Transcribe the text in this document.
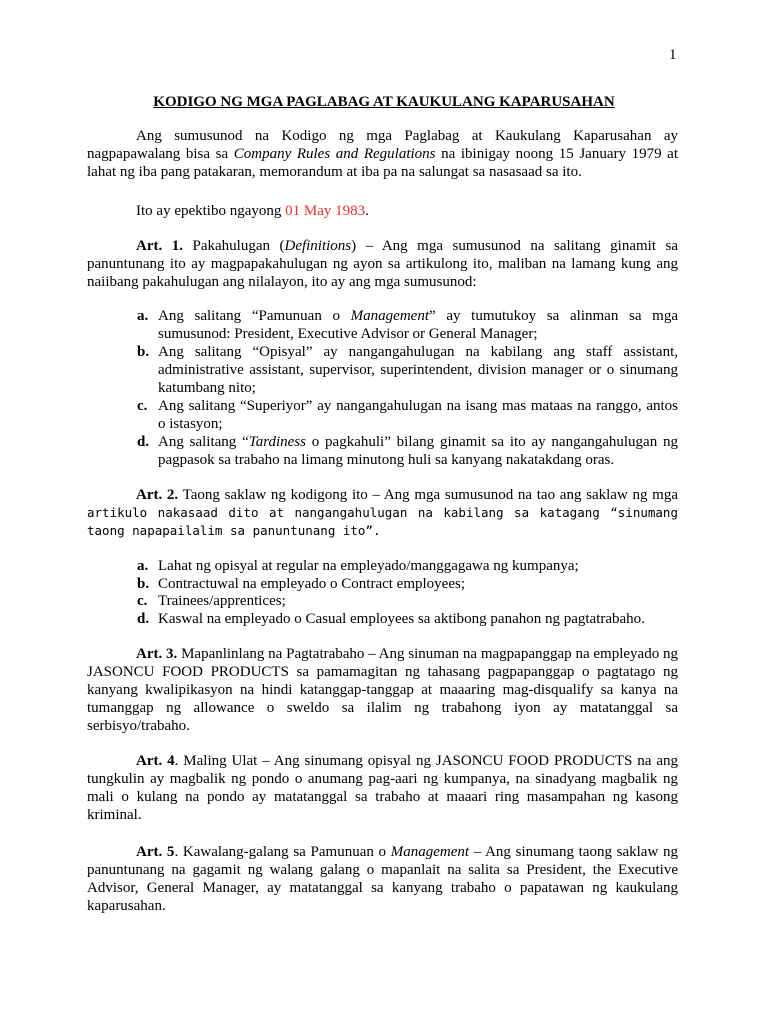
1
KODIGO NG MGA PAGLABAG AT KAUKULANG KAPARUSAHAN

Ang sumusunod na Kodigo ng mga Paglabag at Kaukulang Kaparusahan ay nagpapawalang bisa sa Company Rules and Regulations na ibinigay noong 15 January 1979 at lahat ng iba pang patakaran, memorandum at iba pa na salungat sa nasasaad sa ito.

Ito ay epektibo ngayong 01 May 1983.

Art. 1. Pakahulugan (Definitions) – Ang mga sumusunod na salitang ginamit sa panuntunang ito ay magpapakahulugan ng ayon sa artikulong ito, maliban na lamang kung ang naiibang pakahulugan ang nilalayon, ito ay ang mga sumusunod:

a. Ang salitang “Pamunuan o Management” ay tumutukoy sa alinman sa mga sumusunod: President, Executive Advisor or General Manager;
b. Ang salitang “Opisyal” ay nangangahulugan na kabilang ang staff assistant, administrative assistant, supervisor, superintendent, division manager or o sinumang katumbang nito;
c. Ang salitang “Superiyor” ay nangangahulugan na isang mas mataas na ranggo, antos o istasyon;
d. Ang salitang “Tardiness o pagkahuli” bilang ginamit sa ito ay nangangahulugan ng pagpasok sa trabaho na limang minutong huli sa kanyang nakatakdang oras.

Art. 2. Taong saklaw ng kodigong ito – Ang mga sumusunod na tao ang saklaw ng mga artikulo nakasaad dito at nangangahulugan na kabilang sa katagang “sinumang taong napapailalim sa panuntunang ito”.

a. Lahat ng opisyal at regular na empleyado/manggagawa ng kumpanya;
b. Contractuwal na empleyado o Contract employees;
c. Trainees/apprentices;
d. Kaswal na empleyado o Casual employees sa aktibong panahon ng pagtatrabaho.

Art. 3. Mapanlinlang na Pagtatrabaho – Ang sinuman na magpapanggap na empleyado ng JASONCU FOOD PRODUCTS sa pamamagitan ng tahasang pagpapanggap o pagtatago ng kanyang kwalipikasyon na hindi katanggap-tanggap at maaaring mag-disqualify sa kanya na tumanggap ng allowance o sweldo sa ilalim ng trabahong iyon ay matatanggal sa serbisyo/trabaho.

Art. 4. Maling Ulat – Ang sinumang opisyal ng JASONCU FOOD PRODUCTS na ang tungkulin ay magbalik ng pondo o anumang pag-aari ng kumpanya, na sinadyang magbalik ng mali o kulang na pondo ay matatanggal sa trabaho at maaari ring masampahan ng kasong kriminal.

Art. 5. Kawalang-galang sa Pamunuan o Management – Ang sinumang taong saklaw ng panuntunang na gagamit ng walang galang o mapanlait na salita sa President, the Executive Advisor, General Manager, ay matatanggal sa kanyang trabaho o papatawan ng kaukulang kaparusahan.
